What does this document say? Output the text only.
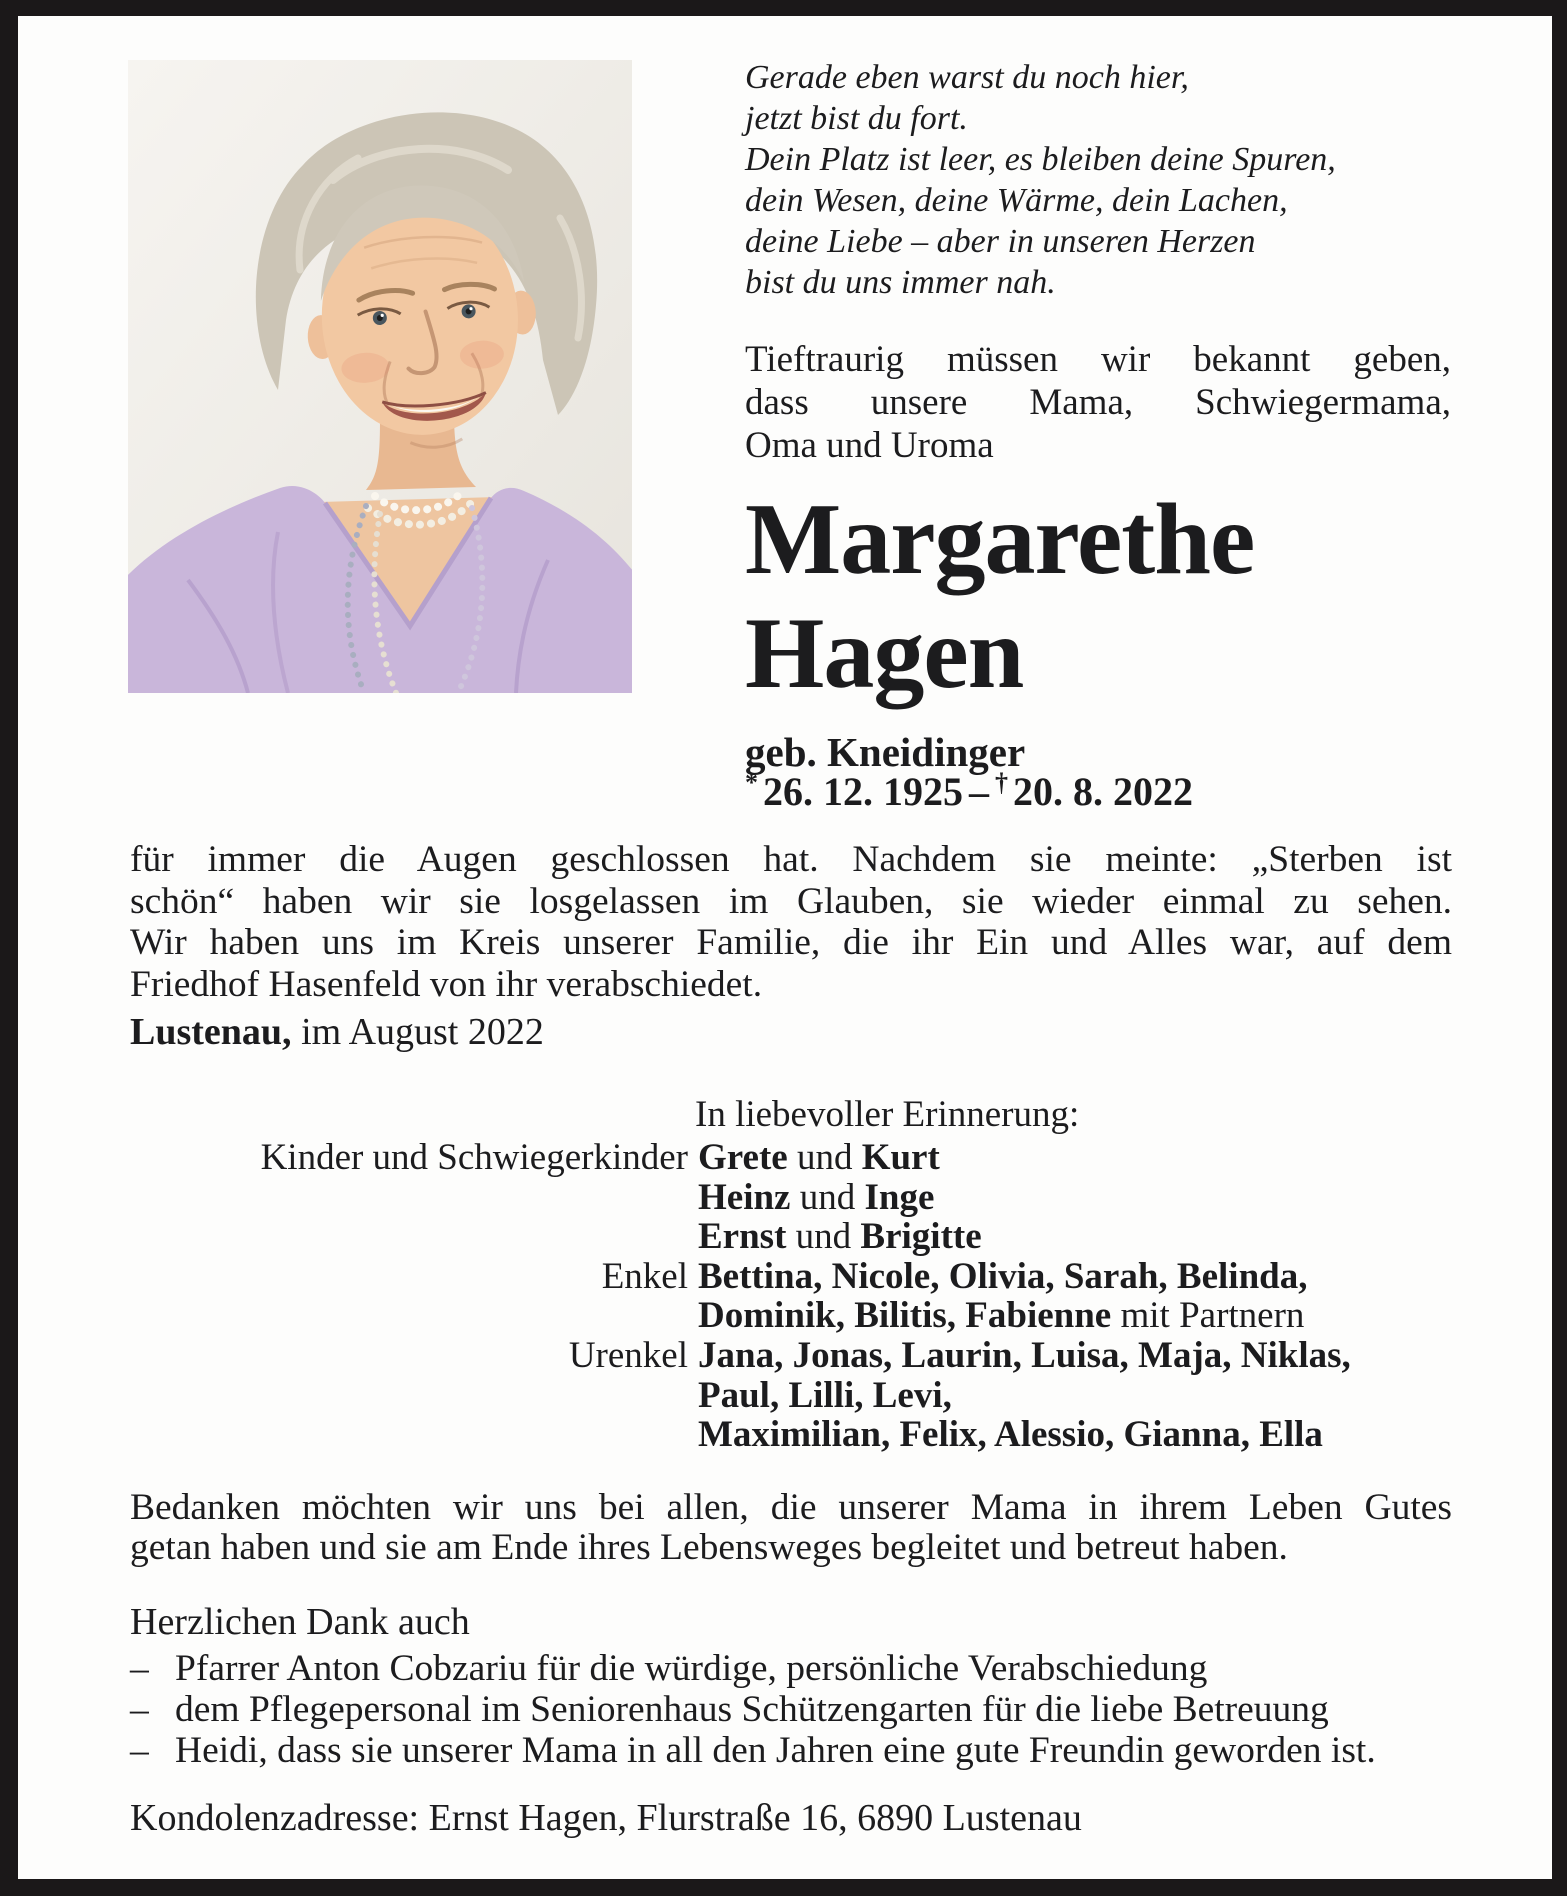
Gerade eben warst du noch hier,
jetzt bist du fort.
Dein Platz ist leer, es bleiben deine Spuren,
dein Wesen, deine Wärme, dein Lachen,
deine Liebe – aber in unseren Herzen
bist du uns immer nah.
Tieftraurig müssen wir bekannt geben,
dass unsere Mama, Schwiegermama,
Oma und Uroma
Margarethe
Hagen
geb. Kneidinger
* 26. 12. 1925 – † 20. 8. 2022
für immer die Augen geschlossen hat. Nachdem sie meinte: „Sterben ist
schön“ haben wir sie losgelassen im Glauben, sie wieder einmal zu sehen.
Wir haben uns im Kreis unserer Familie, die ihr Ein und Alles war, auf dem
Friedhof Hasenfeld von ihr verabschiedet.
Lustenau, im August 2022
In liebevoller Erinnerung:
Kinder und Schwiegerkinder Grete und Kurt
Heinz und Inge
Ernst und Brigitte
Enkel Bettina, Nicole, Olivia, Sarah, Belinda,
Dominik, Bilitis, Fabienne mit Partnern
Urenkel Jana, Jonas, Laurin, Luisa, Maja, Niklas,
Paul, Lilli, Levi,
Maximilian, Felix, Alessio, Gianna, Ella
Bedanken möchten wir uns bei allen, die unserer Mama in ihrem Leben Gutes
getan haben und sie am Ende ihres Lebensweges begleitet und betreut haben.
Herzlichen Dank auch
– Pfarrer Anton Cobzariu für die würdige, persönliche Verabschiedung
– dem Pflegepersonal im Seniorenhaus Schützengarten für die liebe Betreuung
– Heidi, dass sie unserer Mama in all den Jahren eine gute Freundin geworden ist.
Kondolenzadresse: Ernst Hagen, Flurstraße 16, 6890 Lustenau
